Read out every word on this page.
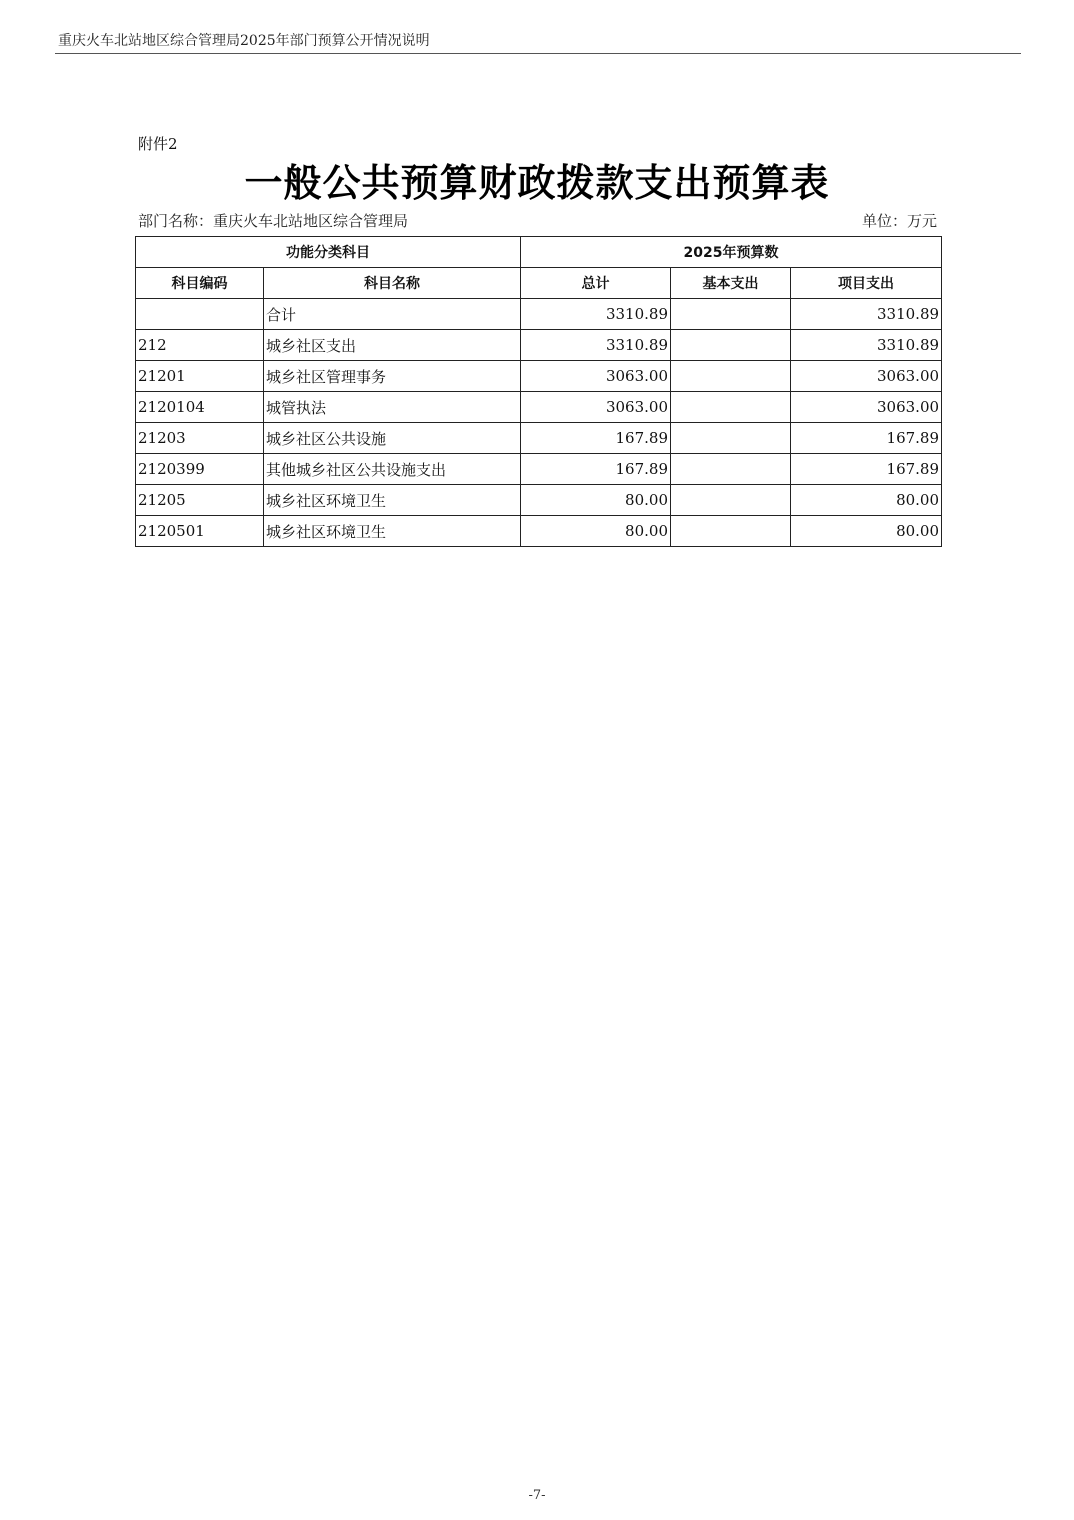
重庆火车北站地区综合管理局2025年部门预算公开情况说明
附件2
一般公共预算财政拨款支出预算表
部门名称：重庆火车北站地区综合管理局	单位：万元
功能分类科目		2025年预算数		
科目编码	科目名称	总计	基本支出	项目支出
	合计	3310.89		3310.89
212	城乡社区支出	3310.89		3310.89
21201	城乡社区管理事务	3063.00		3063.00
2120104	城管执法	3063.00		3063.00
21203	城乡社区公共设施	167.89		167.89
2120399	其他城乡社区公共设施支出	167.89		167.89
21205	城乡社区环境卫生	80.00		80.00
2120501	城乡社区环境卫生	80.00		80.00
-7-
